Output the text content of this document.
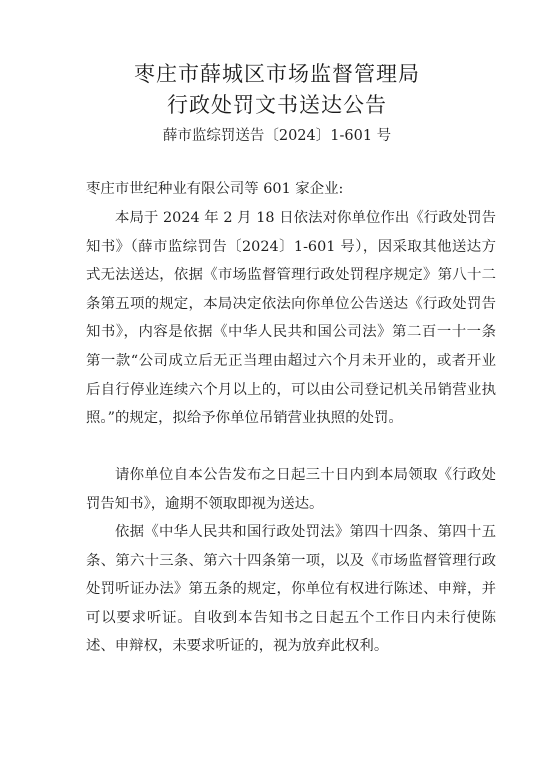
枣庄市薛城区市场监督管理局
行政处罚文书送达公告
薛市监综罚送告〔2024〕1-601 号
枣庄市世纪种业有限公司等 601 家企业:

本局于 2024 年 2 月 18 日依法对你单位作出《行政处罚告知书》（薛市监综罚告〔2024〕1-601 号），因采取其他送达方式无法送达，依据《市场监督管理行政处罚程序规定》第八十二条第五项的规定，本局决定依法向你单位公告送达《行政处罚告知书》，内容是依据《中华人民共和国公司法》第二百一十一条第一款“公司成立后无正当理由超过六个月未开业的，或者开业后自行停业连续六个月以上的，可以由公司登记机关吊销营业执照。”的规定，拟给予你单位吊销营业执照的处罚。

请你单位自本公告发布之日起三十日内到本局领取《行政处罚告知书》，逾期不领取即视为送达。

依据《中华人民共和国行政处罚法》第四十四条、第四十五条、第六十三条、第六十四条第一项，以及《市场监督管理行政处罚听证办法》第五条的规定，你单位有权进行陈述、申辩，并可以要求听证。自收到本告知书之日起五个工作日内未行使陈述、申辩权，未要求听证的，视为放弃此权利。
